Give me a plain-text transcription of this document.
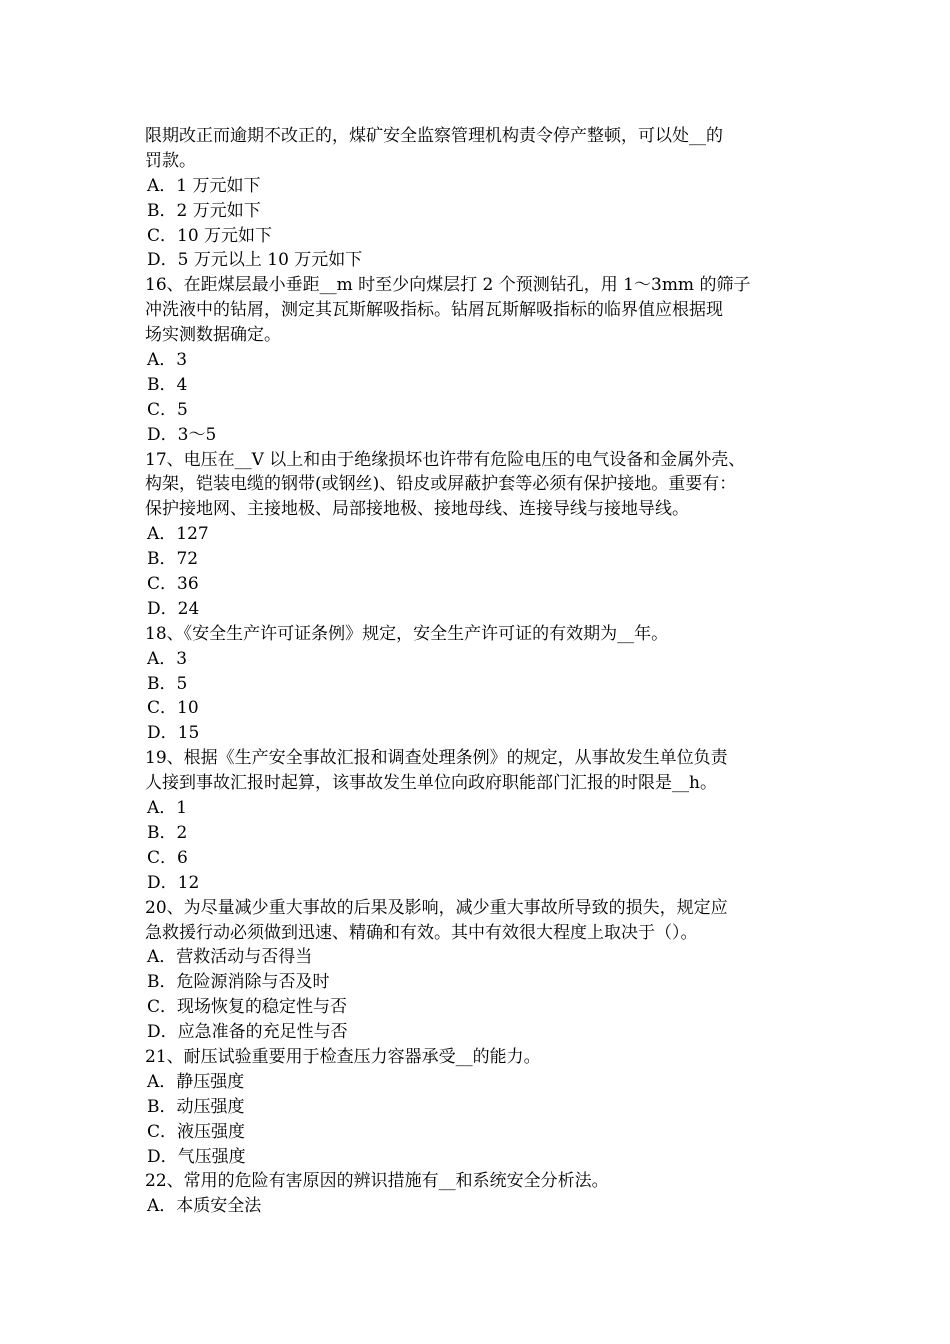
限期改正而逾期不改正的，煤矿安全监察管理机构责令停产整顿，可以处__的
罚款。
A．1 万元如下
B．2 万元如下
C．10 万元如下
D．5 万元以上 10 万元如下
16、在距煤层最小垂距__m 时至少向煤层打 2 个预测钻孔，用 1～3mm 的筛子
冲洗液中的钻屑，测定其瓦斯解吸指标。钻屑瓦斯解吸指标的临界值应根据现
场实测数据确定。
A．3
B．4
C．5
D．3～5
17、电压在__V 以上和由于绝缘损坏也许带有危险电压的电气设备和金属外壳、
构架，铠装电缆的钢带(或钢丝)、铅皮或屏蔽护套等必须有保护接地。重要有：
保护接地网、主接地极、局部接地极、接地母线、连接导线与接地导线。
A．127
B．72
C．36
D．24
18、《安全生产许可证条例》规定，安全生产许可证的有效期为__年。
A．3
B．5
C．10
D．15
19、根据《生产安全事故汇报和调查处理条例》的规定，从事故发生单位负责
人接到事故汇报时起算，该事故发生单位向政府职能部门汇报的时限是__h。
A．1
B．2
C．6
D．12
20、为尽量减少重大事故的后果及影响，减少重大事故所导致的损失，规定应
急救援行动必须做到迅速、精确和有效。其中有效很大程度上取决于（）。
A．营救活动与否得当
B．危险源消除与否及时
C．现场恢复的稳定性与否
D．应急准备的充足性与否
21、耐压试验重要用于检查压力容器承受__的能力。
A．静压强度
B．动压强度
C．液压强度
D．气压强度
22、常用的危险有害原因的辨识措施有__和系统安全分析法。
A．本质安全法
